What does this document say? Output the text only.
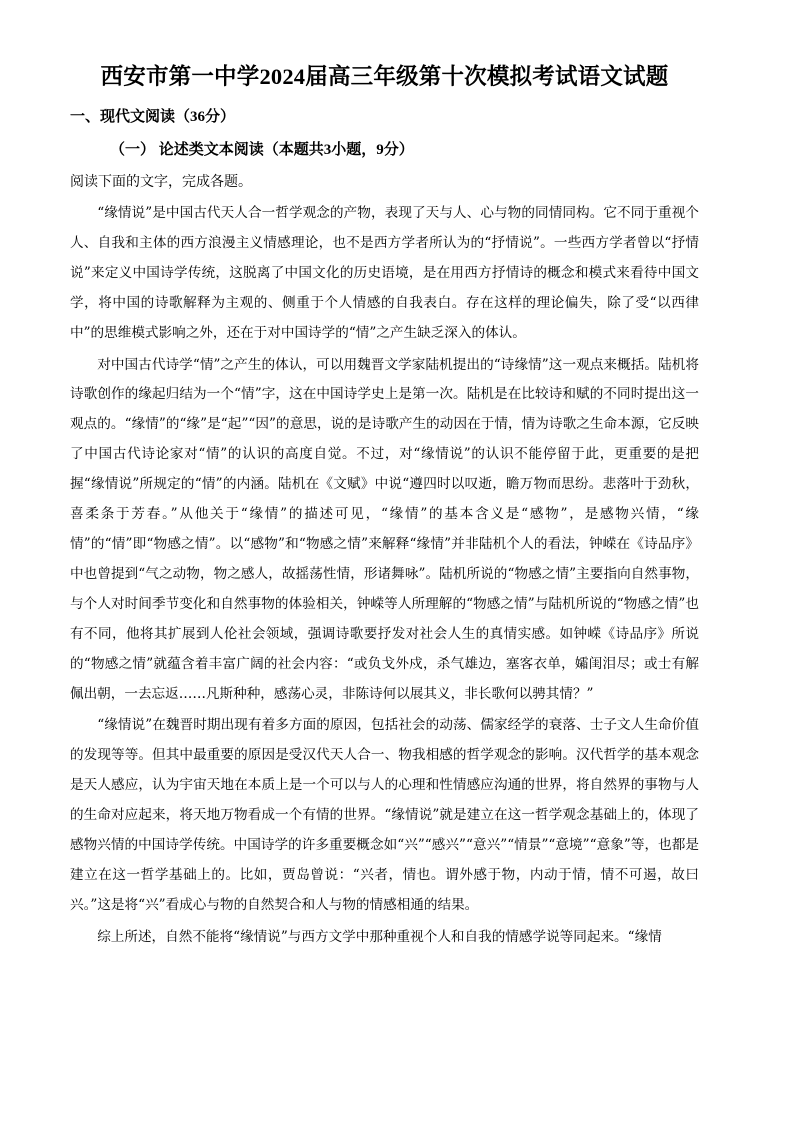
西安市第一中学2024届高三年级第十次模拟考试语文试题
一、现代文阅读（36分）
（一） 论述类文本阅读（本题共3小题，9分）
阅读下面的文字，完成各题。

“缘情说”是中国古代天人合一哲学观念的产物，表现了天与人、心与物的同情同构。它不同于重视个人、自我和主体的西方浪漫主义情感理论，也不是西方学者所认为的“抒情说”。一些西方学者曾以“抒情说”来定义中国诗学传统，这脱离了中国文化的历史语境，是在用西方抒情诗的概念和模式来看待中国文学，将中国的诗歌解释为主观的、侧重于个人情感的自我表白。存在这样的理论偏失，除了受“以西律中”的思维模式影响之外，还在于对中国诗学的“情”之产生缺乏深入的体认。

对中国古代诗学“情”之产生的体认，可以用魏晋文学家陆机提出的“诗缘情”这一观点来概括。陆机将诗歌创作的缘起归结为一个“情”字，这在中国诗学史上是第一次。陆机是在比较诗和赋的不同时提出这一观点的。“缘情”的“缘”是“起”“因”的意思，说的是诗歌产生的动因在于情，情为诗歌之生命本源，它反映了中国古代诗论家对“情”的认识的高度自觉。不过，对“缘情说”的认识不能停留于此，更重要的是把握“缘情说”所规定的“情”的内涵。陆机在《文赋》中说“遵四时以叹逝，瞻万物而思纷。悲落叶于劲秋，喜柔条于芳春。”从他关于“缘情”的描述可见，“缘情”的基本含义是“感物”，是感物兴情，“缘情”的“情”即“物感之情”。以“感物”和“物感之情”来解释“缘情”并非陆机个人的看法，钟嵘在《诗品序》中也曾提到“气之动物，物之感人，故摇荡性情，形诸舞咏”。陆机所说的“物感之情”主要指向自然事物，与个人对时间季节变化和自然事物的体验相关，钟嵘等人所理解的“物感之情”与陆机所说的“物感之情”也有不同，他将其扩展到人伦社会领域，强调诗歌要抒发对社会人生的真情实感。如钟嵘《诗品序》所说的“物感之情”就蕴含着丰富广阔的社会内容：“或负戈外戍，杀气雄边，塞客衣单，孀闺泪尽；或士有解佩出朝，一去忘返……凡斯种种，感荡心灵，非陈诗何以展其义，非长歌何以骋其情？”

“缘情说”在魏晋时期出现有着多方面的原因，包括社会的动荡、儒家经学的衰落、士子文人生命价值的发现等等。但其中最重要的原因是受汉代天人合一、物我相感的哲学观念的影响。汉代哲学的基本观念是天人感应，认为宇宙天地在本质上是一个可以与人的心理和性情感应沟通的世界，将自然界的事物与人的生命对应起来，将天地万物看成一个有情的世界。“缘情说”就是建立在这一哲学观念基础上的，体现了感物兴情的中国诗学传统。中国诗学的许多重要概念如“兴”“感兴”“意兴”“情景”“意境”“意象”等，也都是建立在这一哲学基础上的。比如，贾岛曾说：“兴者，情也。谓外感于物，内动于情，情不可遏，故曰兴。”这是将“兴”看成心与物的自然契合和人与物的情感相通的结果。

综上所述，自然不能将“缘情说”与西方文学中那种重视个人和自我的情感学说等同起来。“缘情
